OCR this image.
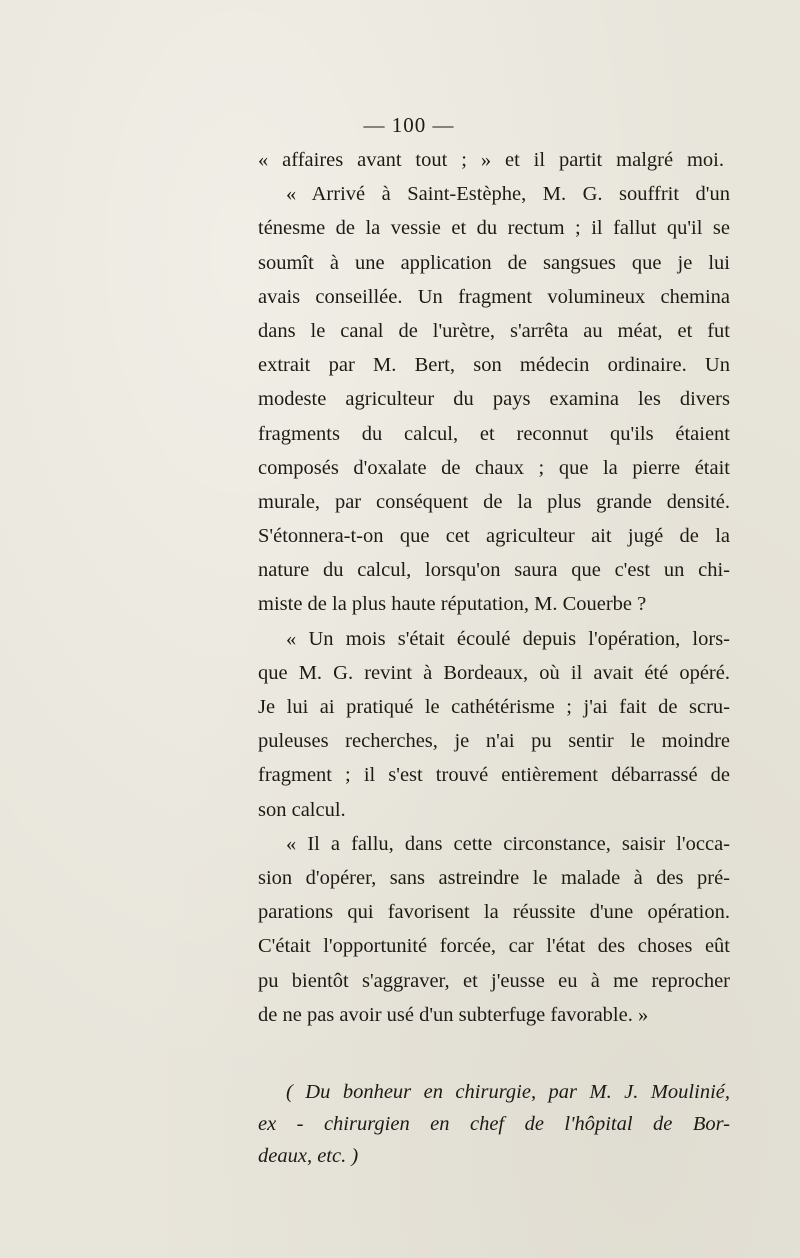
— 100 —
« affaires avant tout ; » et il partit malgré moi.
« Arrivé à Saint-Estèphe, M. G. souffrit d'un
ténesme de la vessie et du rectum ; il fallut qu'il se
soumît à une application de sangsues que je lui
avais conseillée. Un fragment volumineux chemina
dans le canal de l'urètre, s'arrêta au méat, et fut
extrait par M. Bert, son médecin ordinaire. Un
modeste agriculteur du pays examina les divers
fragments du calcul, et reconnut qu'ils étaient
composés d'oxalate de chaux ; que la pierre était
murale, par conséquent de la plus grande densité.
S'étonnera-t-on que cet agriculteur ait jugé de la
nature du calcul, lorsqu'on saura que c'est un chi-
miste de la plus haute réputation, M. Couerbe ?
« Un mois s'était écoulé depuis l'opération, lors-
que M. G. revint à Bordeaux, où il avait été opéré.
Je lui ai pratiqué le cathétérisme ; j'ai fait de scru-
puleuses recherches, je n'ai pu sentir le moindre
fragment ; il s'est trouvé entièrement débarrassé de
son calcul.
« Il a fallu, dans cette circonstance, saisir l'occa-
sion d'opérer, sans astreindre le malade à des pré-
parations qui favorisent la réussite d'une opération.
C'était l'opportunité forcée, car l'état des choses eût
pu bientôt s'aggraver, et j'eusse eu à me reprocher
de ne pas avoir usé d'un subterfuge favorable. »
( Du bonheur en chirurgie, par M. J. Moulinié,
ex - chirurgien en chef de l'hôpital de Bor-
deaux, etc. )
